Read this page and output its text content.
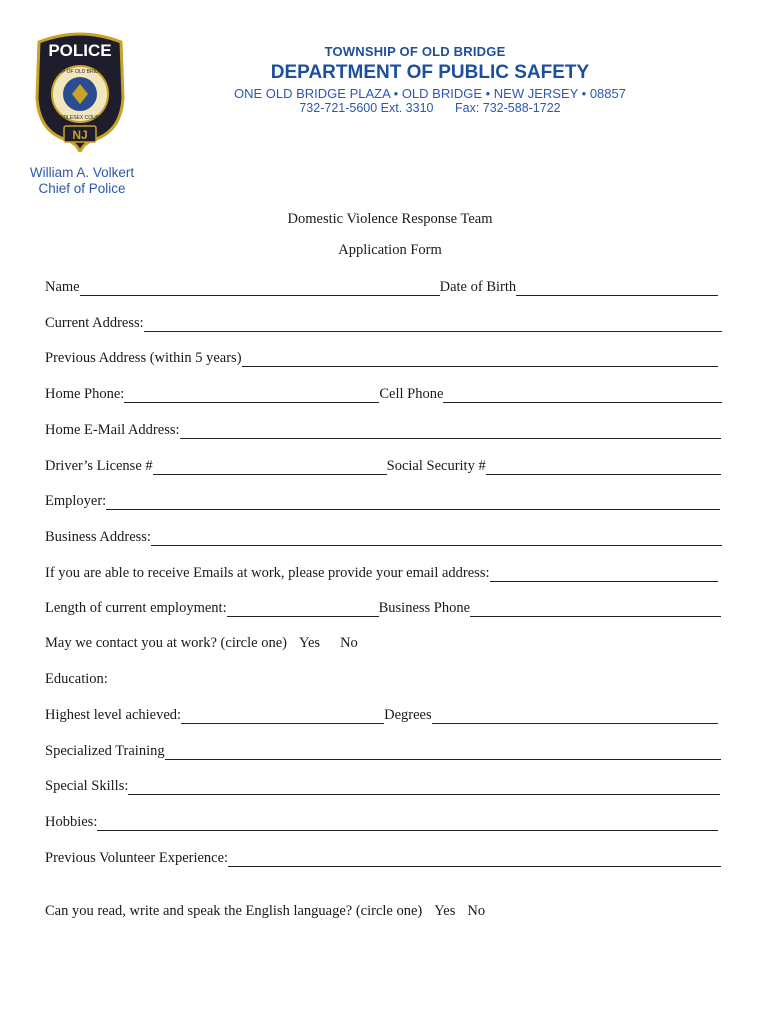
POLICE
TWP OF OLD BRIDGE
MIDDLESEX COUNTY
NJ
TOWNSHIP OF OLD BRIDGE
DEPARTMENT OF PUBLIC SAFETY
ONE OLD BRIDGE PLAZA • OLD BRIDGE • NEW JERSEY • 08857
732-721-5600 Ext. 3310 Fax: 732-588-1722
William A. Volkert
Chief of Police
Domestic Violence Response Team
Application Form
Name	Date of Birth
Current Address:
Previous Address (within 5 years)
Home Phone:	Cell Phone
Home E-Mail Address:
Driver’s License #	Social Security #
Employer:
Business Address:
If you are able to receive Emails at work, please provide your email address:
Length of current employment:	Business Phone
May we contact you at work? (circle one) Yes No
Education:
Highest level achieved:	Degrees
Specialized Training
Special Skills:
Hobbies:
Previous Volunteer Experience:
Can you read, write and speak the English language? (circle one) Yes No
